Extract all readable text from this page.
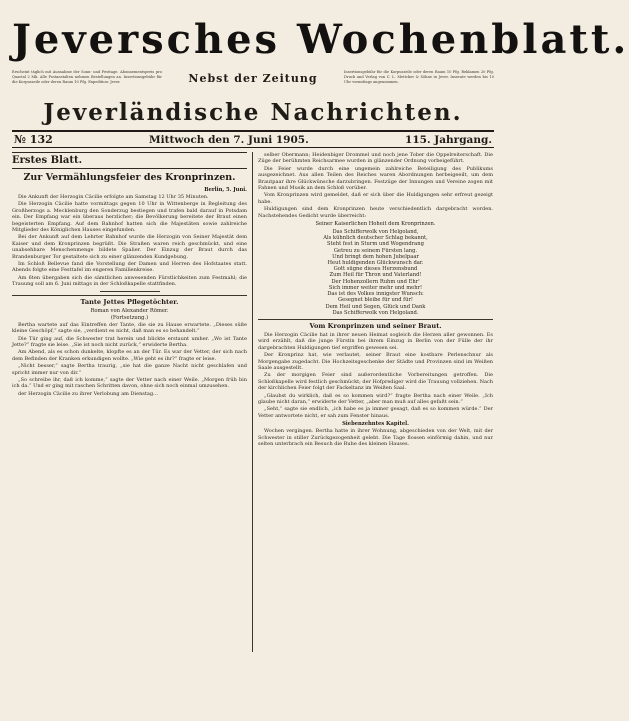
Jeversches Wochenblatt.
Erscheint täglich mit Ausnahme der Sonn- und Festtage. Abonnementspreis pro Quartal 2 Mk. Alle Postanstalten nehmen Bestellungen an. Insertionsgebühr für die Korpuszeile oder deren Raum 10 Pfg. Expedition: Jever.	Nebst der Zeitung	Insertionsgebühr für die Korpuszeile oder deren Raum 10 Pfg. Reklamen 20 Pfg. Druck und Verlag von C. L. Mettcker & Söhne in Jever. Inserate werden bis 10 Uhr vormittags angenommen.
Jeverländische Nachrichten.
№ 132	Mittwoch den 7. Juni 1905.	115. Jahrgang.
Erstes Blatt.
Zur Vermählungsfeier des Kronprinzen.
Berlin, 5. Juni.

Die Ankunft der Herzogin Cäcilie erfolgte am Samstag 12 Uhr 35 Minuten.

Die Herzogin Cäcilie hatte vormittags gegen 10 Uhr in Wittenberge in Begleitung des Großherzogs a. Mecklenburg den Sonderzug bestiegen und trafen bald darauf in Potsdam ein. Der Empfang war ein überaus herzlicher; die Bevölkerung bereitete der Braut einen begeisterten Empfang. Auf dem Bahnhof hatten sich die Majestäten sowie zahlreiche Mitglieder des Königlichen Hauses eingefunden.

Bei der Ankunft auf dem Lehrter Bahnhof wurde die Herzogin von Seiner Majestät dem Kaiser und dem Kronprinzen begrüßt. Die Straßen waren reich geschmückt, und eine unabsehbare Menschenmenge bildete Spalier. Der Einzug der Braut durch das Brandenburger Tor gestaltete sich zu einer glänzenden Kundgebung.

Im Schloß Bellevue fand die Vorstellung der Damen und Herren des Hofstaates statt. Abends folgte eine Festtafel im engeren Familienkreise.

Am 6ten übergaben sich die sämtlichen anwesenden Fürstlichkeiten zum Festmahl; die Trauung soll am 6. Juni mittags in der Schloßkapelle stattfinden.

Tante Jettes Pflegetöchter.
Roman von Alexander Römer.
(Fortsetzung.)

Bertha wartete auf das Eintreffen der Tante, die sie zu Hause erwartete. „Dieses süße kleine Geschöpf,“ sagte sie, „verdient es nicht, daß man es so behandelt.“

Die Tür ging auf, die Schwester trat herein und blickte erstaunt umher. „Wo ist Tante Jette?“ fragte sie leise. „Sie ist noch nicht zurück,“ erwiderte Bertha.

Am Abend, als es schon dunkelte, klopfte es an der Tür. Es war der Vetter, der sich nach dem Befinden der Kranken erkundigen wollte. „Wie geht es ihr?“ fragte er leise.

„Nicht besser,“ sagte Bertha traurig, „sie hat die ganze Nacht nicht geschlafen und spricht immer nur von dir.“

„So schreibe ihr, daß ich komme,“ sagte der Vetter nach einer Weile. „Morgen früh bin ich da.“ Und er ging mit raschen Schritten davon, ohne sich noch einmal umzusehen.

der Herzogin Cäcilie zu ihrer Verlobung am Dienstag…

selber Obermann; Heidenbiger Drommel und noch jene Tober die Oppelreiterschaft. Die Züge der berühmten Reichsarmee wurden in glänzender Ordnung vorbeigeführt.

Die Feier wurde durch eine ungemein zahlreiche Beteiligung des Publikums ausgezeichnet. Aus allen Teilen des Reiches waren Abordnungen herbeigeeilt, um dem Brautpaar ihre Glückwünsche darzubringen. Festzüge der Innungen und Vereine zogen mit Fahnen und Musik an dem Schloß vorüber.

Vom Kronprinzen wird gemeldet, daß er sich über die Huldigungen sehr erfreut gezeigt habe.

Huldigungen sind dem Kronprinzen heute verschiedentlich dargebracht worden. Nachstehendes Gedicht wurde überreicht:

Seiner Kaiserlichen Hoheit dem Kronprinzen.
Das Schifferwolk von Helgoland,
Als kühnlich deutscher Schlag bekannt,
Steht fest in Sturm und Wogendrang
Getreu zu seinem Fürsten lang.
Und bringt dem hohen Jubelpaar
Heut huldigenden Glückwunsch dar.
Gott sügne dieses Herzensbund
Zum Heil für Thron und Vaterland!
Der Hohenzollern Ruhm und Ehr'
Sich immer weiter mehr und mehr!
Das ist des Volkes innigster Wunsch:
Gesegnet bleibe für und für!
Dem Heil und Segen, Glück und Dank
Das Schifferwolk von Helgoland.
Vom Kronprinzen und seiner Braut.

Die Herzogin Cäcilie hat in ihrer neuen Heimat sogleich die Herzen aller gewonnen. Es wird erzählt, daß die junge Fürstin bei ihrem Einzug in Berlin von der Fülle der ihr dargebrachten Huldigungen tief ergriffen gewesen sei.

Der Kronprinz hat, wie verlautet, seiner Braut eine kostbare Perlenschnur als Morgengabe zugedacht. Die Hochzeitsgeschenke der Städte und Provinzen sind im Weißen Saale ausgestellt.

Zu der morgigen Feier sind außerordentliche Vorbereitungen getroffen. Die Schloßkapelle wird festlich geschmückt; der Hofprediger wird die Trauung vollziehen. Nach der kirchlichen Feier folgt der Fackeltanz im Weißen Saal.

„Glaubst du wirklich, daß es so kommen wird?“ fragte Bertha nach einer Weile. „Ich glaube nicht daran,“ erwiderte der Vetter, „aber man muß auf alles gefaßt sein.“

„Seht,“ sagte sie endlich, „ich habe es ja immer gesagt, daß es so kommen würde.“ Der Vetter antwortete nicht, er sah zum Fenster hinaus.

Siebenzehntes Kapitel.

Wochen vergingen. Bertha hatte in ihrer Wohnung, abgeschieden von der Welt, mit der Schwester in stiller Zurückgezogenheit gelebt. Die Tage flossen einförmig dahin, und nur selten unterbrach ein Besuch die Ruhe des kleinen Hauses.
